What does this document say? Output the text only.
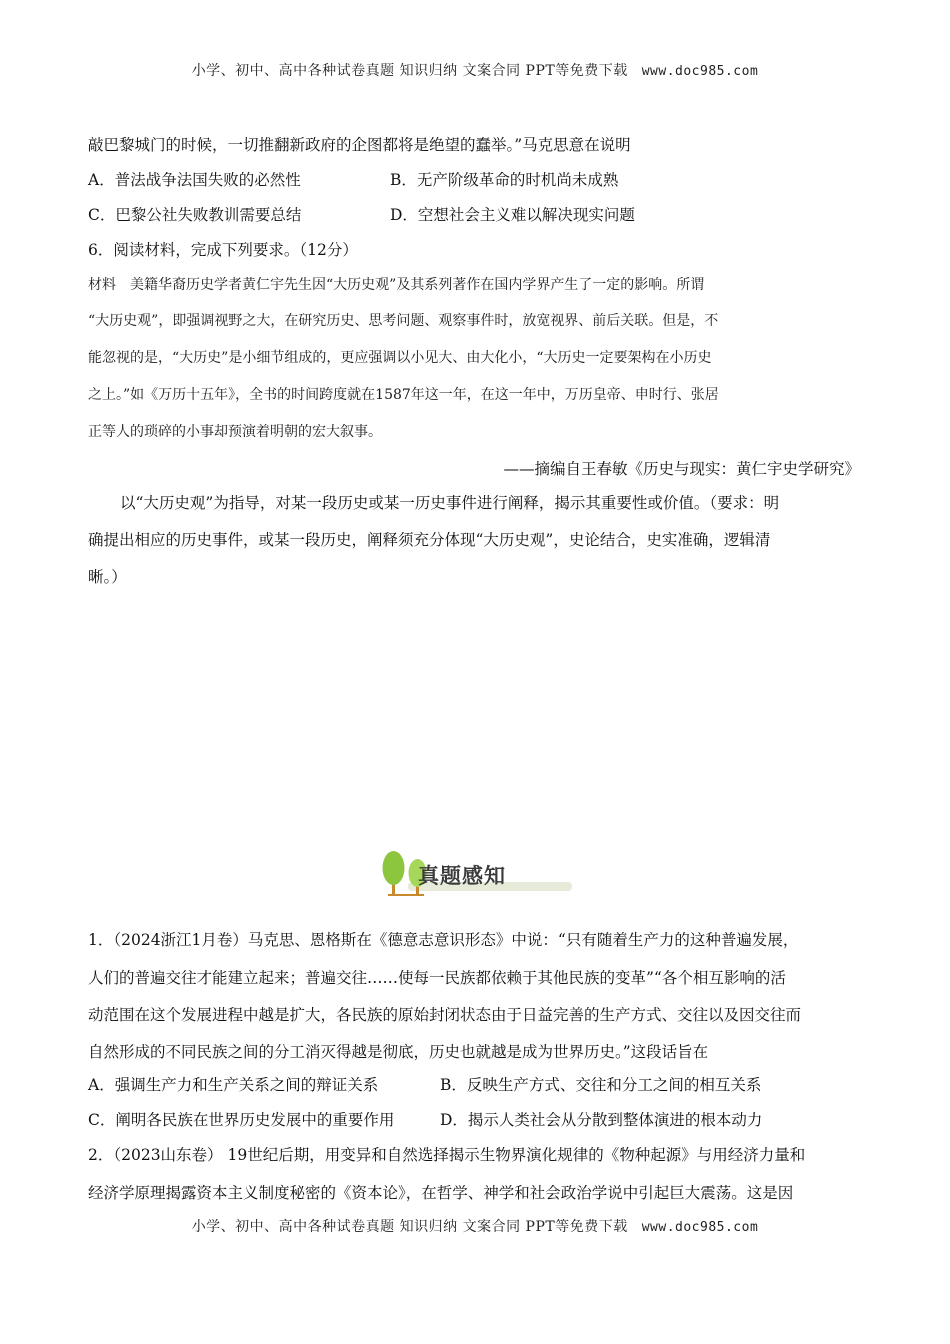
小学、初中、高中各种试卷真题 知识归纳 文案合同 PPT等免费下载 www.doc985.com
敲巴黎城门的时候，一切推翻新政府的企图都将是绝望的蠢举。”马克思意在说明
A．普法战争法国失败的必然性	B．无产阶级革命的时机尚未成熟
C．巴黎公社失败教训需要总结	D．空想社会主义难以解决现实问题
6．阅读材料，完成下列要求。（12分）
材料　美籍华裔历史学者黄仁宇先生因“大历史观”及其系列著作在国内学界产生了一定的影响。所谓
“大历史观”，即强调视野之大，在研究历史、思考问题、观察事件时，放宽视界、前后关联。但是，不
能忽视的是，“大历史”是小细节组成的，更应强调以小见大、由大化小，“大历史一定要架构在小历史
之上。”如《万历十五年》，全书的时间跨度就在1587年这一年，在这一年中，万历皇帝、申时行、张居
正等人的琐碎的小事却预演着明朝的宏大叙事。
——摘编自王春敏《历史与现实：黄仁宇史学研究》
以“大历史观”为指导，对某一段历史或某一历史事件进行阐释，揭示其重要性或价值。（要求：明
确提出相应的历史事件，或某一段历史，阐释须充分体现“大历史观”，史论结合，史实准确，逻辑清
晰。）
真题感知
1．（2024浙江1月卷）马克思、恩格斯在《德意志意识形态》中说：“只有随着生产力的这种普遍发展，
人们的普遍交往才能建立起来；普遍交往……使每一民族都依赖于其他民族的变革”“各个相互影响的活
动范围在这个发展进程中越是扩大，各民族的原始封闭状态由于日益完善的生产方式、交往以及因交往而
自然形成的不同民族之间的分工消灭得越是彻底，历史也就越是成为世界历史。”这段话旨在
A．强调生产力和生产关系之间的辩证关系	B．反映生产方式、交往和分工之间的相互关系
C．阐明各民族在世界历史发展中的重要作用	D．揭示人类社会从分散到整体演进的根本动力
2．（2023山东卷） 19世纪后期，用变异和自然选择揭示生物界演化规律的《物种起源》与用经济力量和
经济学原理揭露资本主义制度秘密的《资本论》，在哲学、神学和社会政治学说中引起巨大震荡。这是因
小学、初中、高中各种试卷真题 知识归纳 文案合同 PPT等免费下载 www.doc985.com
